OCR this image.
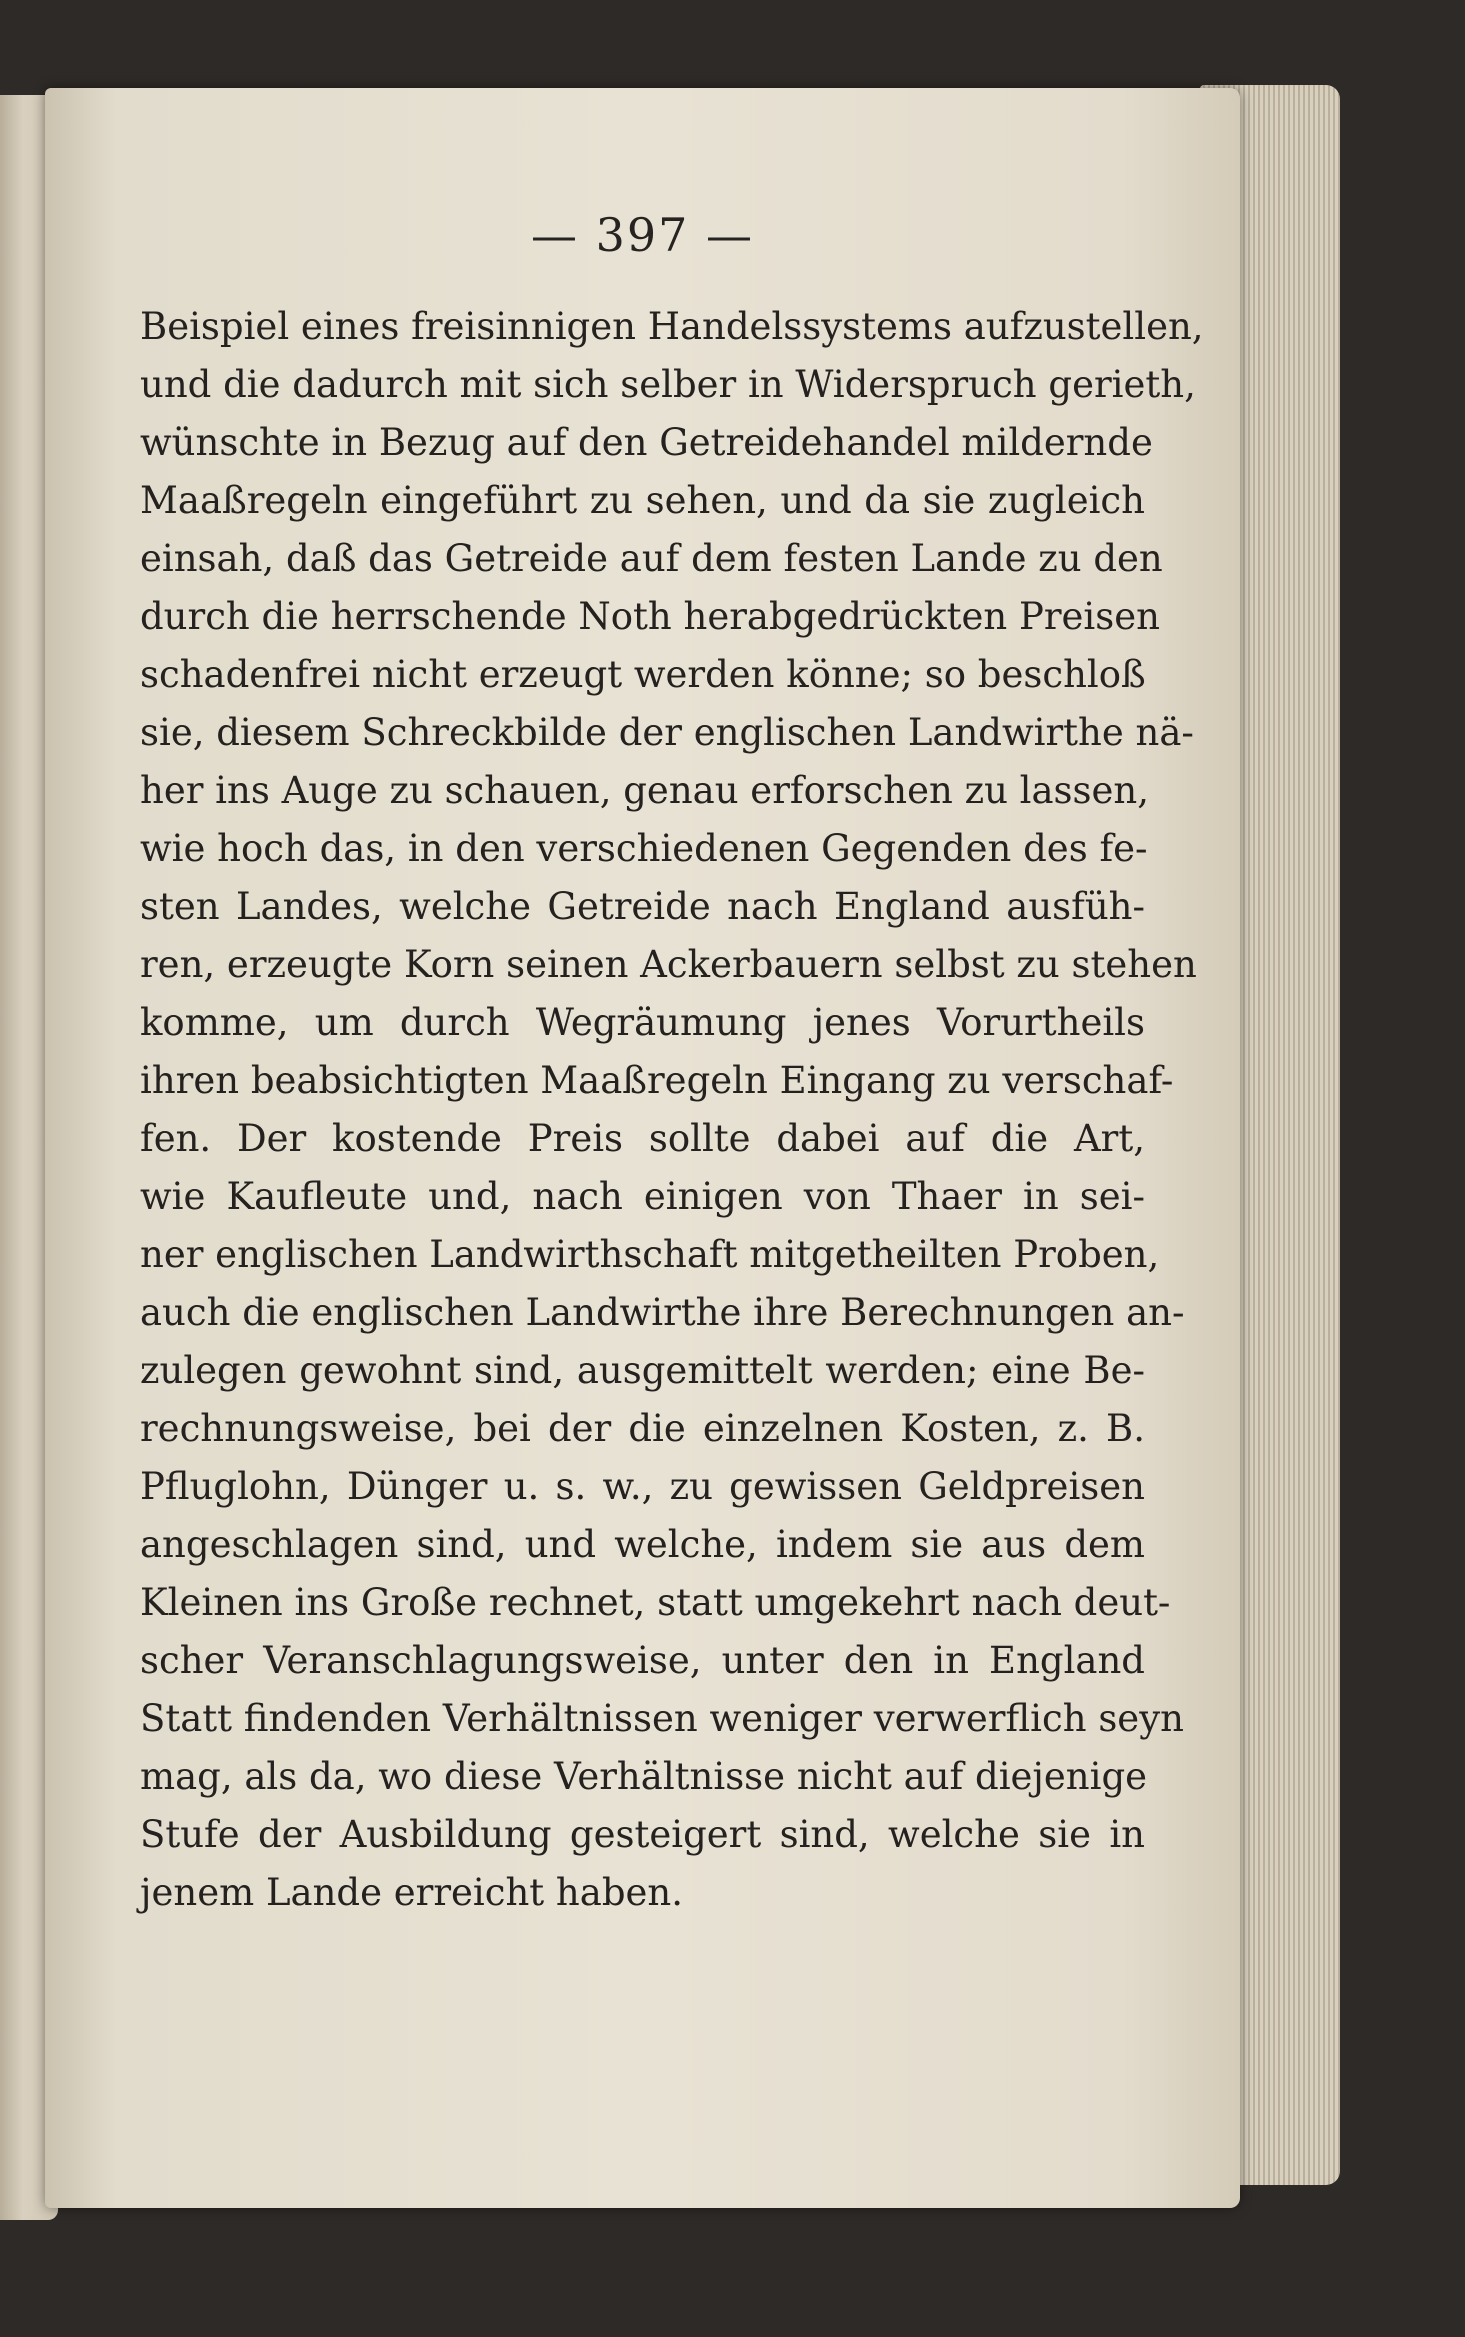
— 397 —
Beispiel eines freisinnigen Handelssystems aufzustellen,
und die dadurch mit sich selber in Widerspruch gerieth,
wünschte in Bezug auf den Getreidehandel mildernde
Maaßregeln eingeführt zu sehen, und da sie zugleich
einsah, daß das Getreide auf dem festen Lande zu den
durch die herrschende Noth herabgedrückten Preisen
schadenfrei nicht erzeugt werden könne; so beschloß
sie, diesem Schreckbilde der englischen Landwirthe nä-
her ins Auge zu schauen, genau erforschen zu lassen,
wie hoch das, in den verschiedenen Gegenden des fe-
sten Landes, welche Getreide nach England ausfüh-
ren, erzeugte Korn seinen Ackerbauern selbst zu stehen
komme, um durch Wegräumung jenes Vorurtheils
ihren beabsichtigten Maaßregeln Eingang zu verschaf-
fen. Der kostende Preis sollte dabei auf die Art,
wie Kaufleute und, nach einigen von Thaer in sei-
ner englischen Landwirthschaft mitgetheilten Proben,
auch die englischen Landwirthe ihre Berechnungen an-
zulegen gewohnt sind, ausgemittelt werden; eine Be-
rechnungsweise, bei der die einzelnen Kosten, z. B.
Pfluglohn, Dünger u. s. w., zu gewissen Geldpreisen
angeschlagen sind, und welche, indem sie aus dem
Kleinen ins Große rechnet, statt umgekehrt nach deut-
scher Veranschlagungsweise, unter den in England
Statt findenden Verhältnissen weniger verwerflich seyn
mag, als da, wo diese Verhältnisse nicht auf diejenige
Stufe der Ausbildung gesteigert sind, welche sie in
jenem Lande erreicht haben.
